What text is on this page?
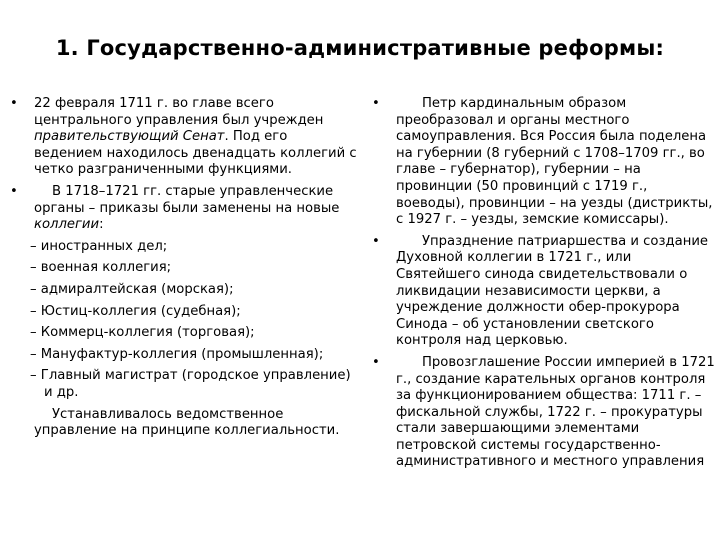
1. Государственно-административные реформы:
• 22 февраля 1711 г. во главе всего центрального управления был учрежден правительствующий Сенат. Под его ведением находилось двенадцать коллегий с четко разграниченными функциями.
•	В 1718–1721 гг. старые управленческие органы – приказы были заменены на новые коллегии:
– иностранных дел;
– военная коллегия;
– адмиралтейская (морская);
– Юстиц-коллегия (судебная);
– Коммерц-коллегия (торговая);
– Мануфактур-коллегия (промышленная);
– Главный магистрат (городское управление) и др.
Устанавливалось ведомственное управление на принципе коллегиальности.
•	Петр кардинальным образом преобразовал и органы местного самоуправления. Вся Россия была поделена на губернии (8 губерний с 1708–1709 гг., во главе – губернатор), губернии – на провинции (50 провинций с 1719 г., воеводы), провинции – на уезды (дистрикты, с 1927 г. – уезды, земские комиссары).
•	Упразднение патриаршества и создание Духовной коллегии в 1721 г., или Святейшего синода свидетельствовали о ликвидации независимости церкви, а учреждение должности обер-прокурора Синода – об установлении светского контроля над церковью.
•	Провозглашение России империей в 1721 г., создание карательных органов контроля за функционированием общества: 1711 г. – фискальной службы, 1722 г. – прокуратуры стали завершающими элементами петровской системы государственно-административного и местного управления
